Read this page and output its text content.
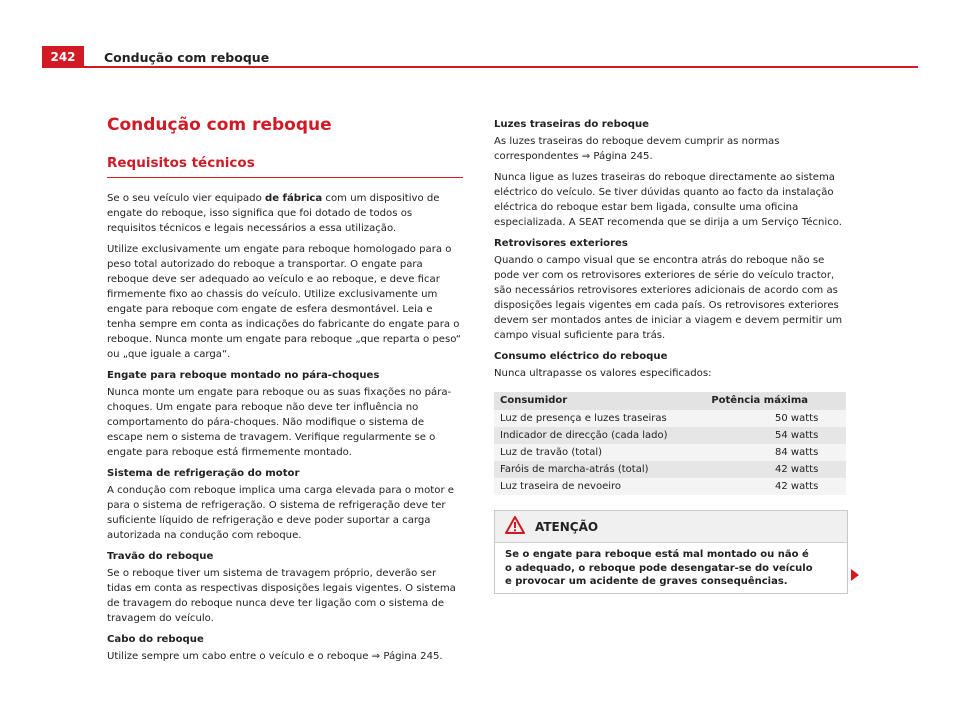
242	Condução com reboque
Condução com reboque
Requisitos técnicos

Se o seu veículo vier equipado de fábrica com um dispositivo de engate do reboque, isso significa que foi dotado de todos os requisitos técnicos e legais necessários a essa utilização.

Utilize exclusivamente um engate para reboque homologado para o peso total autorizado do reboque a transportar. O engate para reboque deve ser adequado ao veículo e ao reboque, e deve ficar firmemente fixo ao chassis do veículo. Utilize exclusivamente um engate para reboque com engate de esfera desmontável. Leia e tenha sempre em conta as indicações do fabricante do engate para o reboque. Nunca monte um engate para reboque „que reparta o peso“ ou „que iguale a carga“.

Engate para reboque montado no pára-choques

Nunca monte um engate para reboque ou as suas fixações no pára-choques. Um engate para reboque não deve ter influência no comportamento do pára-choques. Não modifique o sistema de escape nem o sistema de travagem. Verifique regularmente se o engate para reboque está firmemente montado.

Sistema de refrigeração do motor

A condução com reboque implica uma carga elevada para o motor e para o sistema de refrigeração. O sistema de refrigeração deve ter suficiente líquido de refrigeração e deve poder suportar a carga autorizada na condução com reboque.

Travão do reboque

Se o reboque tiver um sistema de travagem próprio, deverão ser tidas em conta as respectivas disposições legais vigentes. O sistema de travagem do reboque nunca deve ter ligação com o sistema de travagem do veículo.

Cabo do reboque

Utilize sempre um cabo entre o veículo e o reboque ⇒ Página 245.

Luzes traseiras do reboque

As luzes traseiras do reboque devem cumprir as normas correspondentes ⇒ Página 245.

Nunca ligue as luzes traseiras do reboque directamente ao sistema eléctrico do veículo. Se tiver dúvidas quanto ao facto da instalação eléctrica do reboque estar bem ligada, consulte uma oficina especializada. A SEAT recomenda que se dirija a um Serviço Técnico.

Retrovisores exteriores

Quando o campo visual que se encontra atrás do reboque não se pode ver com os retrovisores exteriores de série do veículo tractor, são necessários retrovisores exteriores adicionais de acordo com as disposições legais vigentes em cada país. Os retrovisores exteriores devem ser montados antes de iniciar a viagem e devem permitir um campo visual suficiente para trás.

Consumo eléctrico do reboque

Nunca ultrapasse os valores especificados:

Consumidor	Potência máxima
Luz de presença e luzes traseiras	50 watts
Indicador de direcção (cada lado)	54 watts
Luz de travão (total)	84 watts
Faróis de marcha-atrás (total)	42 watts
Luz traseira de nevoeiro	42 watts
ATENÇÃO
Se o engate para reboque está mal montado ou não é o adequado, o reboque pode desengatar-se do veículo e provocar um acidente de graves consequências.
